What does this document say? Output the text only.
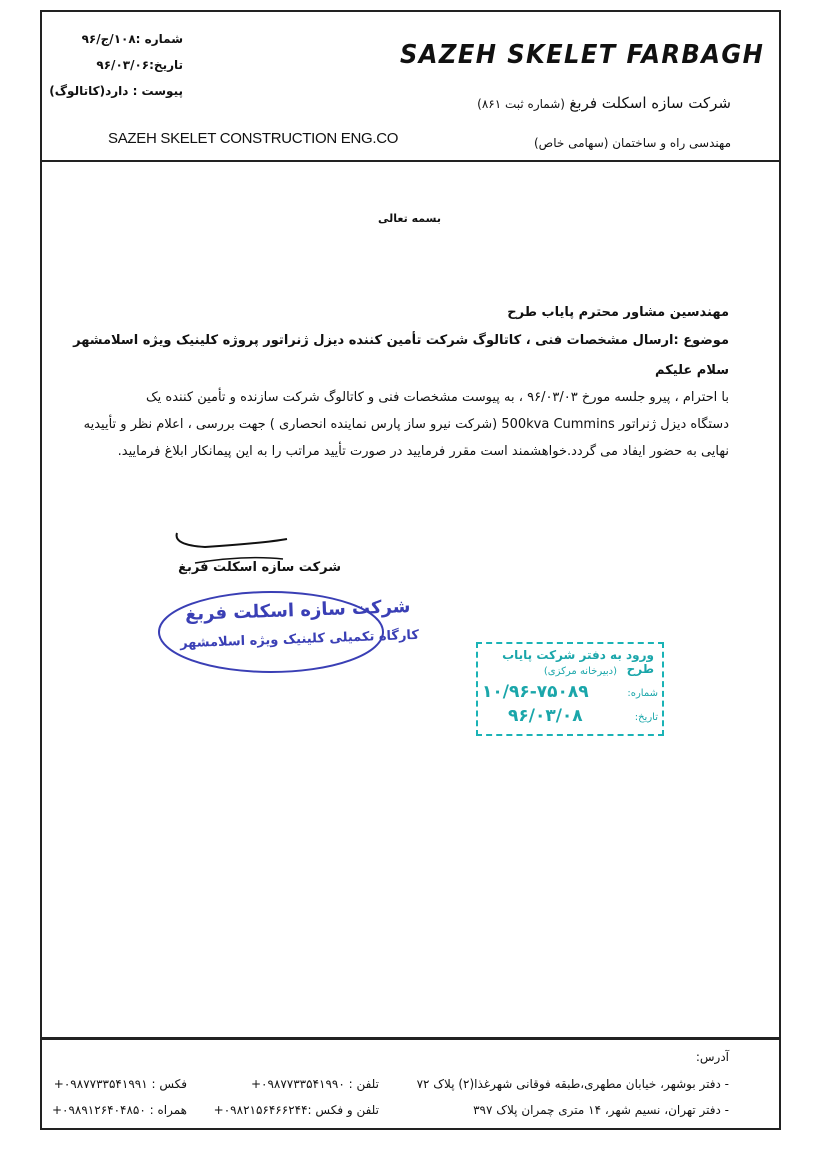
SAZEH SKELET FARBAGH
شرکت سازه اسکلت فربغ (شماره ثبت ۸۶۱)
مهندسی راه و ساختمان (سهامی خاص)
SAZEH SKELET CONSTRUCTION ENG.CO
شماره :۱۰۸/ج/۹۶
تاریخ:۹۶/۰۳/۰۶
پیوست : دارد(کاتالوگ)
بسمه تعالی
مهندسین مشاور محترم پایاب طرح
موضوع :ارسال مشخصات فنی ، کاتالوگ شرکت تأمین کننده دیزل ژنراتور پروژه کلینیک ویژه اسلامشهر
سلام علیکم
با احترام ، پیرو جلسه مورخ ۹۶/۰۳/۰۳ ، به پیوست مشخصات فنی و کاتالوگ شرکت سازنده و تأمین کننده یک
دستگاه دیزل ژنراتور 500kva Cummins (شرکت نیرو ساز پارس نماینده انحصاری ) جهت بررسی ، اعلام نظر و تأییدیه
نهایی به حضور ایفاد می گردد.خواهشمند است مقرر فرمایید در صورت تأیید مراتب را به این پیمانکار ابلاغ فرمایید.
شرکت سازه اسکلت فربغ
شرکت سازه اسکلت فربغ
کارگاه تکمیلی کلینیک ویژه اسلامشهر
ورود به دفتر شرکت پایاب طرح
(دبیرخانه مرکزی)
شماره:
۱۰/۹۶-۷۵۰۸۹
تاریخ:
۹۶/۰۳/۰۸
آدرس:
- دفتر بوشهر، خیابان مطهری،طبقه فوقانی شهرغذا(۲) پلاک ۷۲
تلفن : ۰۹۸۷۷۳۳۵۴۱۹۹۰+
فکس : ۰۹۸۷۷۳۳۵۴۱۹۹۱+
- دفتر تهران، نسیم شهر، ۱۴ متری چمران پلاک ۳۹۷
تلفن و فکس :۰۹۸۲۱۵۶۴۶۶۲۴۴+
همراه : ۰۹۸۹۱۲۶۴۰۴۸۵۰+
